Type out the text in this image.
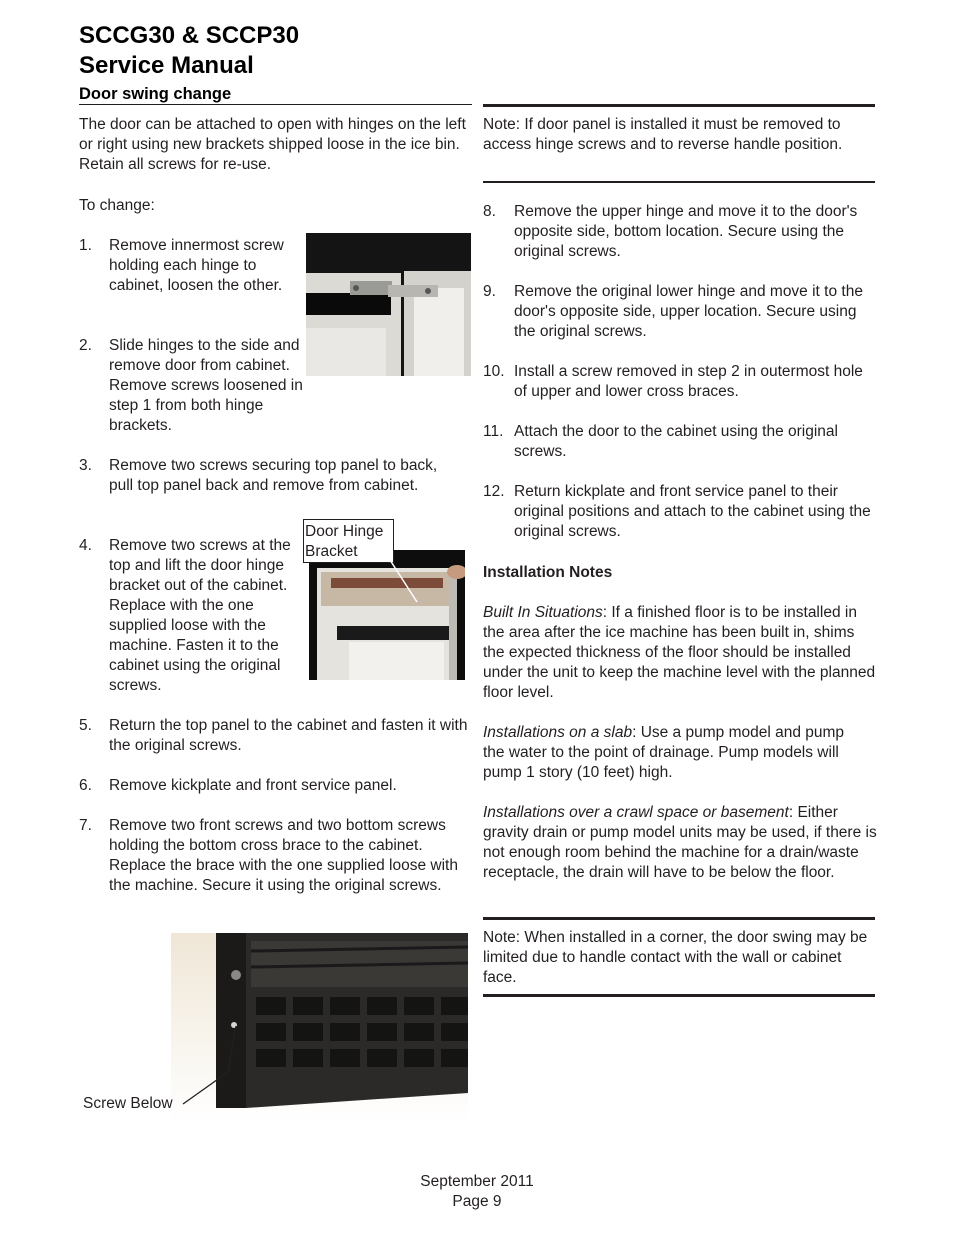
SCCG30 & SCCP30
Service Manual
Door swing change

The door can be attached to open with hinges on the left or right using new brackets shipped loose in the ice bin. Retain all screws for re-use.

To change:

1. Remove innermost screw holding each hinge to cabinet, loosen the other.
2. Slide hinges to the side and remove door from cabinet. Remove screws loosened in step 1 from both hinge brackets.
3. Remove two screws securing top panel to back, pull top panel back and remove from cabinet.
4. Remove two screws at the top and lift the door hinge bracket out of the cabinet. Replace with the one supplied loose with the machine. Fasten it to the cabinet using the original screws.
Door Hinge Bracket
5. Return the top panel to the cabinet and fasten it with the original screws.
6. Remove kickplate and front service panel.
7. Remove two front screws and two bottom screws holding the bottom cross brace to the cabinet. Replace the brace with the one supplied loose with the machine. Secure it using the original screws.
Screw Below

Note: If door panel is installed it must be removed to access hinge screws and to reverse handle position.

8. Remove the upper hinge and move it to the door's opposite side, bottom location. Secure using the original screws.
9. Remove the original lower hinge and move it to the door's opposite side, upper location. Secure using the original screws.
10. Install a screw removed in step 2 in outermost hole of upper and lower cross braces.
11. Attach the door to the cabinet using the original screws.
12. Return kickplate and front service panel to their original positions and attach to the cabinet using the original screws.
Installation Notes

Built In Situations: If a finished floor is to be installed in the area after the ice machine has been built in, shims the expected thickness of the floor should be installed under the unit to keep the machine level with the planned floor level.

Installations on a slab: Use a pump model and pump the water to the point of drainage. Pump models will pump 1 story (10 feet) high.

Installations over a crawl space or basement: Either gravity drain or pump model units may be used, if there is not enough room behind the machine for a drain/waste receptacle, the drain will have to be below the floor.

Note: When installed in a corner, the door swing may be limited due to handle contact with the wall or cabinet face.

September 2011
Page 9
